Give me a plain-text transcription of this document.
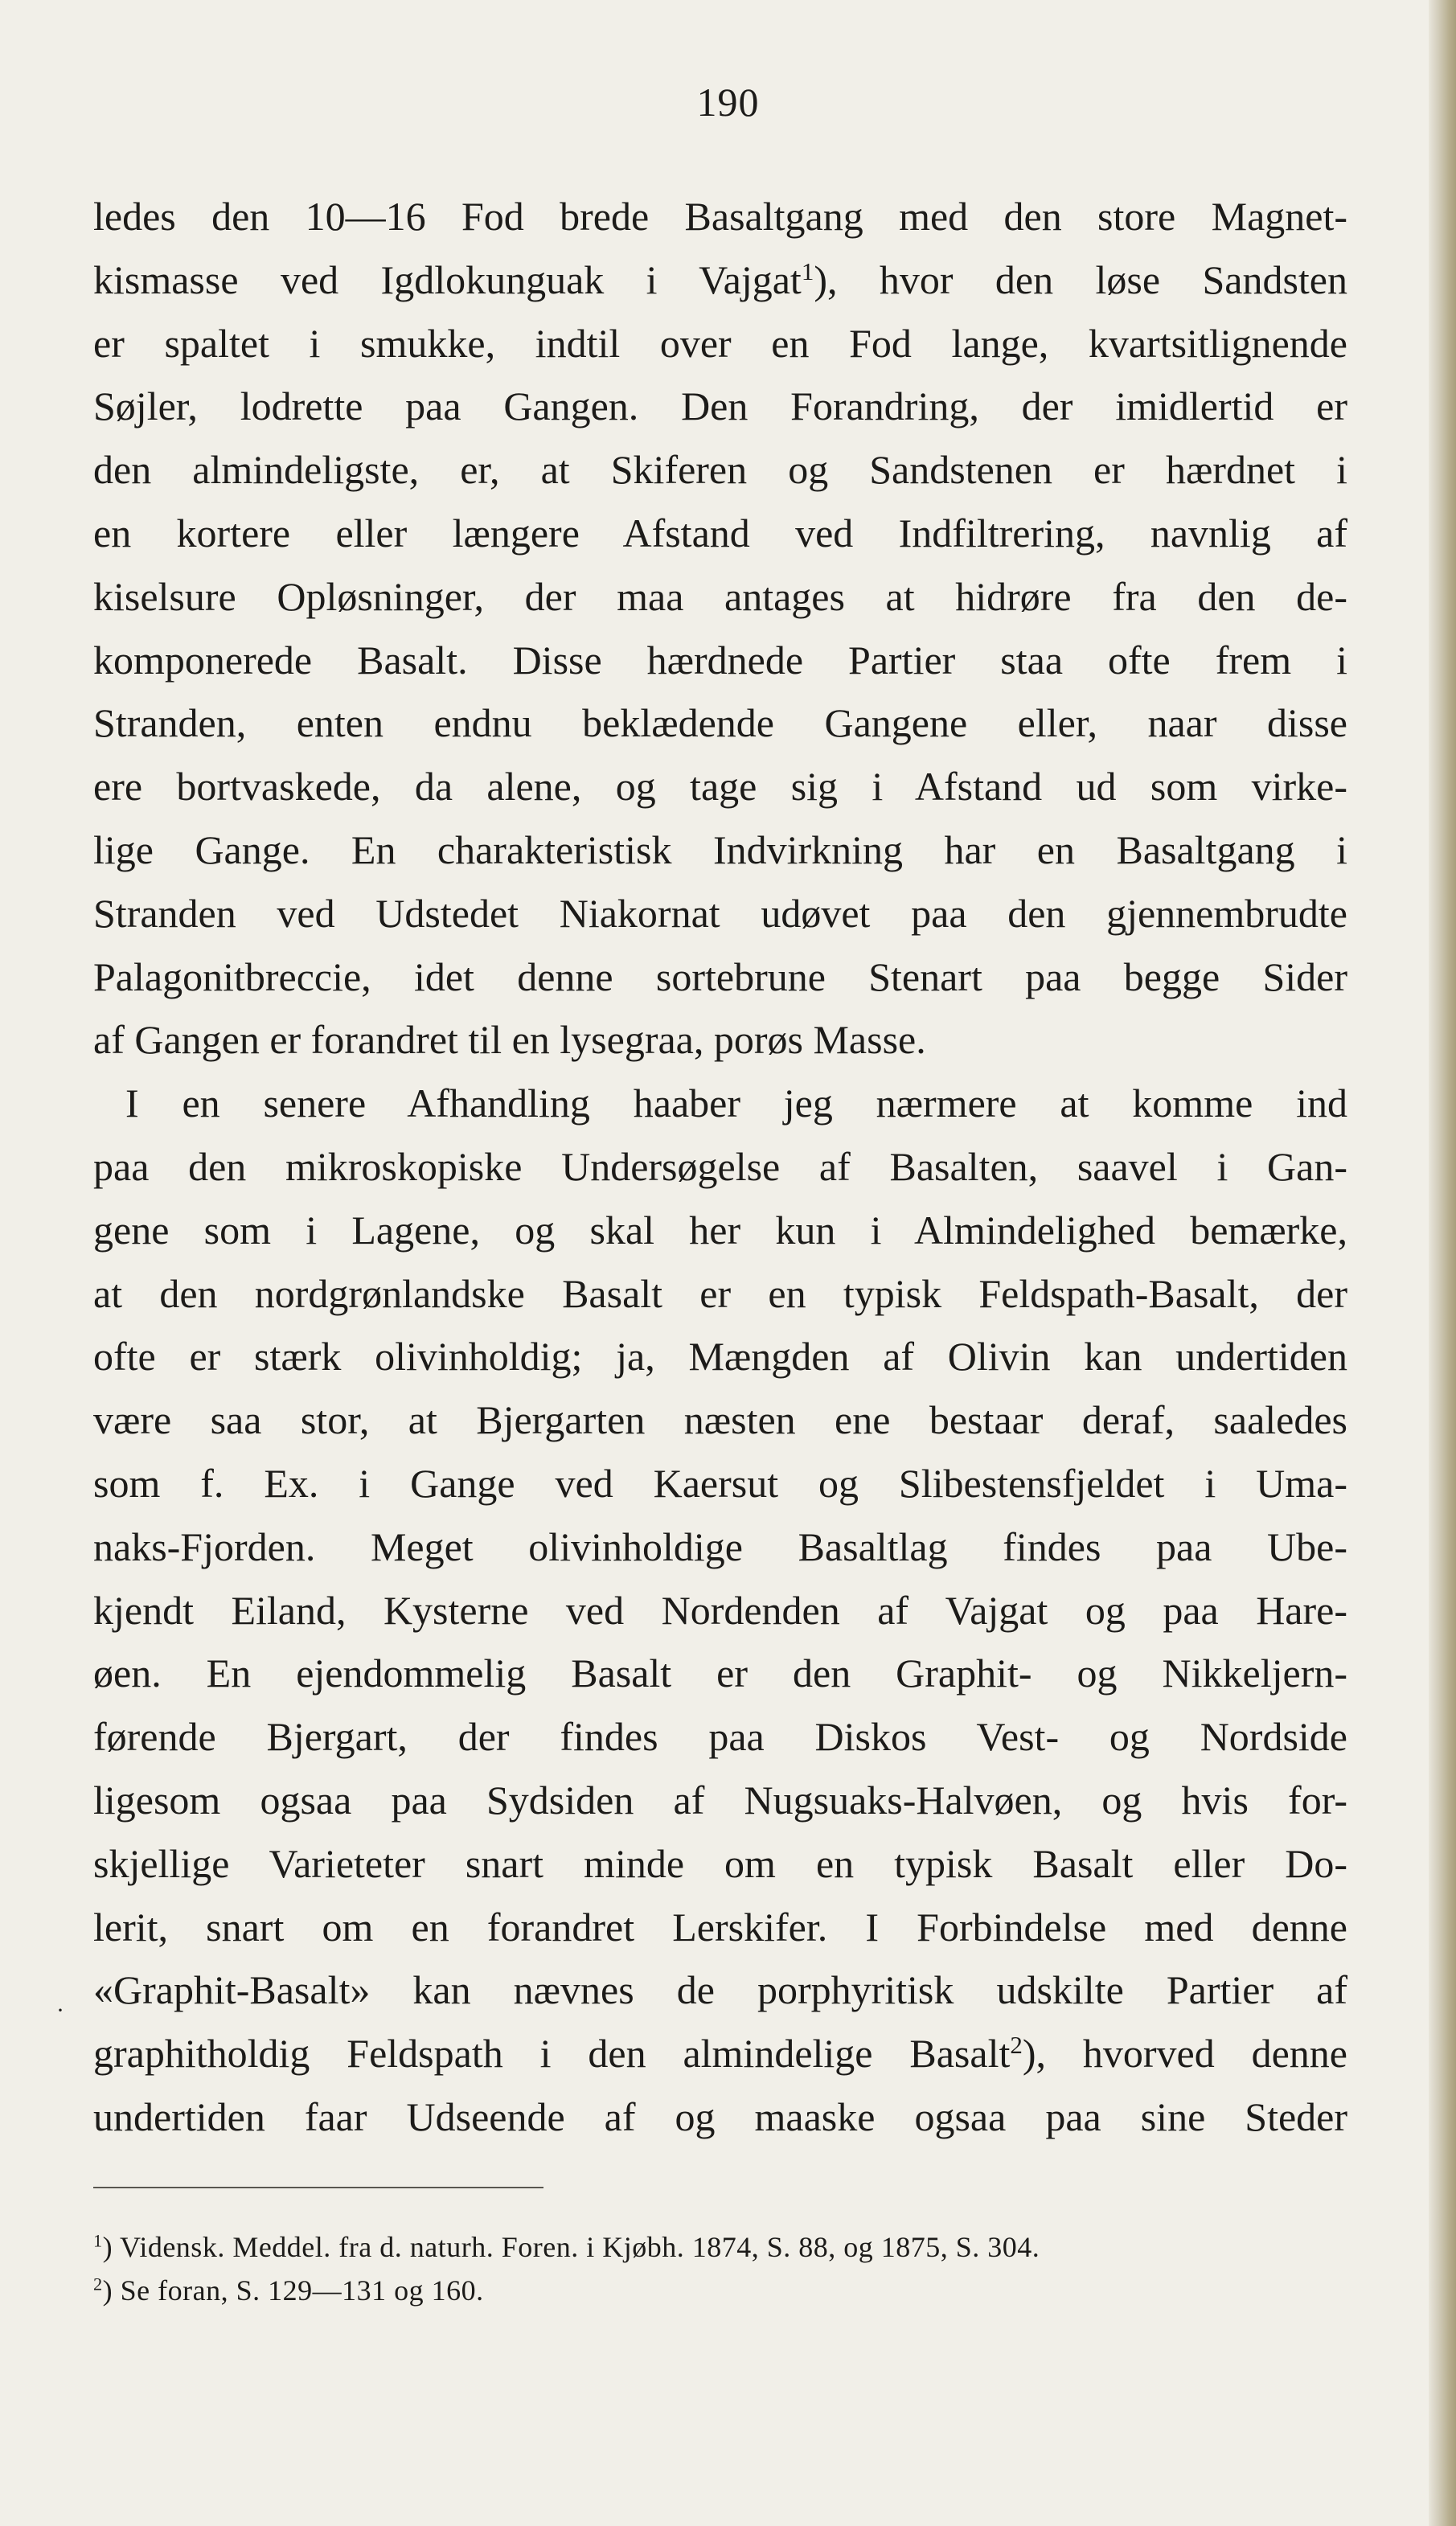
190
ledes den 10—16 Fod brede Basaltgang med den store Magnet-
kismasse ved Igdlokunguak i Vajgat$^1$), hvor den løse Sandsten
er spaltet i smukke, indtil over en Fod lange, kvartsitlignende
Søjler, lodrette paa Gangen. Den Forandring, der imidlertid er
den almindeligste, er, at Skiferen og Sandstenen er hærdnet i
en kortere eller længere Afstand ved Indfiltrering, navnlig af
kiselsure Opløsninger, der maa antages at hidrøre fra den de-
komponerede Basalt. Disse hærdnede Partier staa ofte frem i
Stranden, enten endnu beklædende Gangene eller, naar disse
ere bortvaskede, da alene, og tage sig i Afstand ud som virke-
lige Gange. En charakteristisk Indvirkning har en Basaltgang i
Stranden ved Udstedet Niakornat udøvet paa den gjennembrudte
Palagonitbreccie, idet denne sortebrune Stenart paa begge Sider
af Gangen er forandret til en lysegraa, porøs Masse.
I en senere Afhandling haaber jeg nærmere at komme ind
paa den mikroskopiske Undersøgelse af Basalten, saavel i Gan-
gene som i Lagene, og skal her kun i Almindelighed bemærke,
at den nordgrønlandske Basalt er en typisk Feldspath-Basalt, der
ofte er stærk olivinholdig; ja, Mængden af Olivin kan undertiden
være saa stor, at Bjergarten næsten ene bestaar deraf, saaledes
som f. Ex. i Gange ved Kaersut og Slibestensfjeldet i Uma-
naks-Fjorden. Meget olivinholdige Basaltlag findes paa Ube-
kjendt Eiland, Kysterne ved Nordenden af Vajgat og paa Hare-
øen. En ejendommelig Basalt er den Graphit- og Nikkeljern-
førende Bjergart, der findes paa Diskos Vest- og Nordside
ligesom ogsaa paa Sydsiden af Nugsuaks-Halvøen, og hvis for-
skjellige Varieteter snart minde om en typisk Basalt eller Do-
lerit, snart om en forandret Lerskifer. I Forbindelse med denne
«Graphit-Basalt» kan nævnes de porphyritisk udskilte Partier af
graphitholdig Feldspath i den almindelige Basalt$^2$), hvorved denne
undertiden faar Udseende af og maaske ogsaa paa sine Steder
·
$^1$) Vidensk. Meddel. fra d. naturh. Foren. i Kjøbh. 1874, S. 88, og 1875, S. 304.
$^2$) Se foran, S. 129—131 og 160.
